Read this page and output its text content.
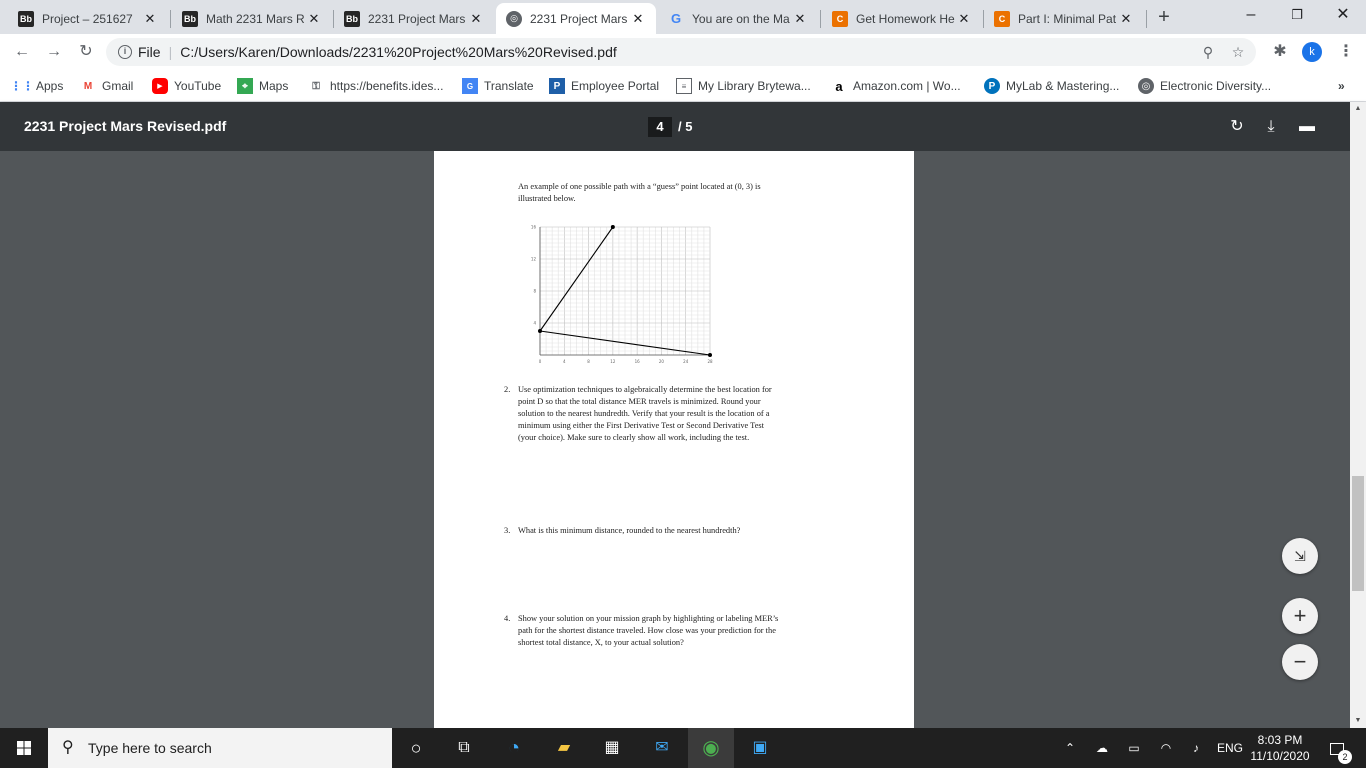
Bb Project – 251627 ✕	Bb Math 2231 Mars R ✕	Bb 2231 Project Mars ✕	◎	2231 Project Mars ✕ G You are on the Ma ✕	C	Get Homework He ✕	C	Part I: Minimal Pat ✕	+	–	❐	✕
← →	↻	i File | C:/Users/Karen/Downloads/2231%20Project%20Mars%20Revised.pdf	⚲	☆	✱	k	⋮
⋮⋮ Apps	M Gmail	▶ YouTube	⌖ Maps	⚿ https://benefits.ides...	G Translate	P Employee Portal	≡ My Library Brytewa...	a Amazon.com | Wo...	P MyLab & Mastering...	◎ Electronic Diversity...	»
2231 Project Mars Revised.pdf	4	/ 5	↻	⤓	▬
An example of one possible path with a “guess” point located at (0, 3) is
illustrated below.
4
8
12
16
0	4	8	12	16	20	24	28
2. Use optimization techniques to algebraically determine the best location for
point D so that the total distance MER travels is minimized. Round your
solution to the nearest hundredth. Verify that your result is the location of a
minimum using either the First Derivative Test or Second Derivative Test
(your choice). Make sure to clearly show all work, including the test.
3. What is this minimum distance, rounded to the nearest hundredth?
4. Show your solution on your mission graph by highlighting or labeling MER’s
path for the shortest distance traveled. How close was your prediction for the
shortest total distance, X, to your actual solution?
⇲
+
−
▲
▼
⚲ Type here to search	○	⧉	◔	▰	▦	✉	◉	▣	⌃	☁	▭	◠	♪	ENG
8:03 PM
11/10/2020	2
